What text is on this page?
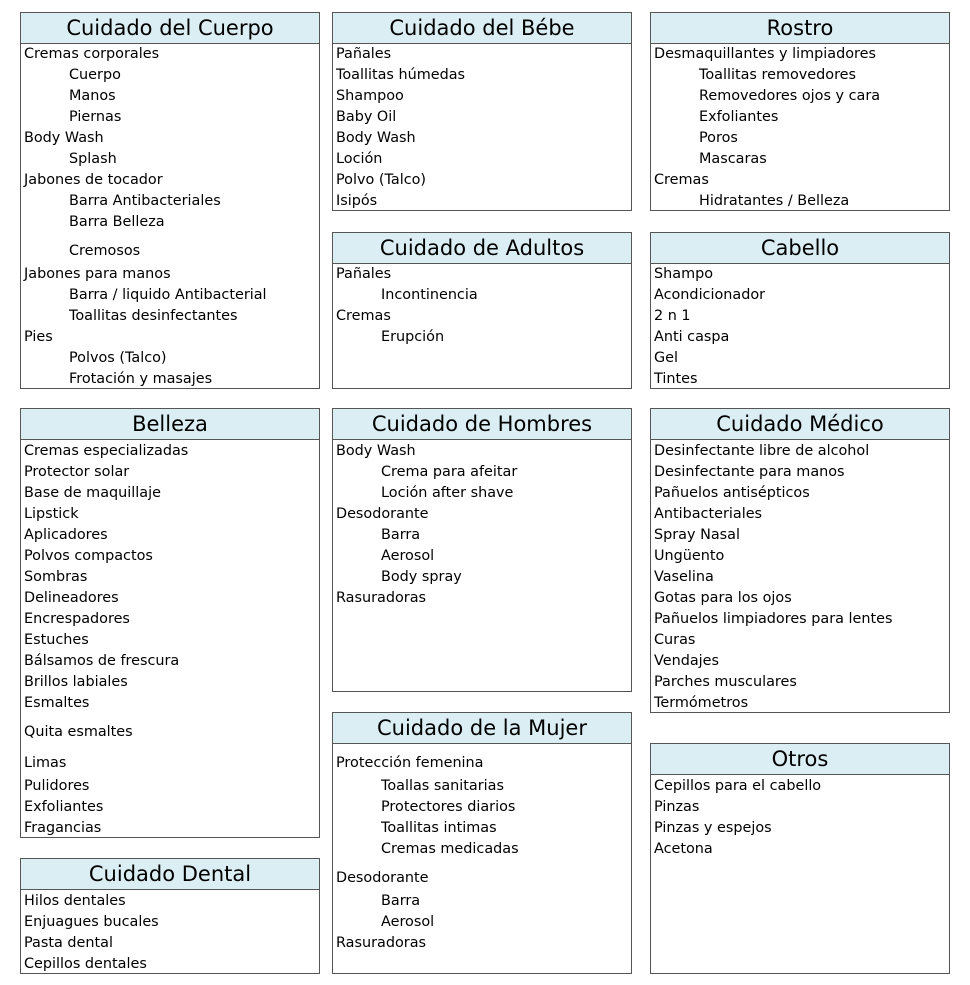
Cuidado del Cuerpo
Cremas corporales
Cuerpo
Manos
Piernas
Body Wash
Splash
Jabones de tocador
Barra Antibacteriales
Barra Belleza
Cremosos
Jabones para manos
Barra / liquido Antibacterial
Toallitas desinfectantes
Pies
Polvos (Talco)
Frotación y masajes
Cuidado del Bébe
Pañales
Toallitas húmedas
Shampoo
Baby Oil
Body Wash
Loción
Polvo (Talco)
Isipós
Rostro
Desmaquillantes y limpiadores
Toallitas removedores
Removedores ojos y cara
Exfoliantes
Poros
Mascaras
Cremas
Hidratantes / Belleza
Cuidado de Adultos
Pañales
Incontinencia
Cremas
Erupción
Cabello
Shampo
Acondicionador
2 n 1
Anti caspa
Gel
Tintes
Belleza
Cremas especializadas
Protector solar
Base de maquillaje
Lipstick
Aplicadores
Polvos compactos
Sombras
Delineadores
Encrespadores
Estuches
Bálsamos de frescura
Brillos labiales
Esmaltes
Quita esmaltes
Limas
Pulidores
Exfoliantes
Fragancias
Cuidado de Hombres
Body Wash
Crema para afeitar
Loción after shave
Desodorante
Barra
Aerosol
Body spray
Rasuradoras
Cuidado Médico
Desinfectante libre de alcohol
Desinfectante para manos
Pañuelos antisépticos
Antibacteriales
Spray Nasal
Ungüento
Vaselina
Gotas para los ojos
Pañuelos limpiadores para lentes
Curas
Vendajes
Parches musculares
Termómetros
Cuidado de la Mujer
Protección femenina
Toallas sanitarias
Protectores diarios
Toallitas intimas
Cremas medicadas
Desodorante
Barra
Aerosol
Rasuradoras
Otros
Cepillos para el cabello
Pinzas
Pinzas y espejos
Acetona
Cuidado Dental
Hilos dentales
Enjuagues bucales
Pasta dental
Cepillos dentales
